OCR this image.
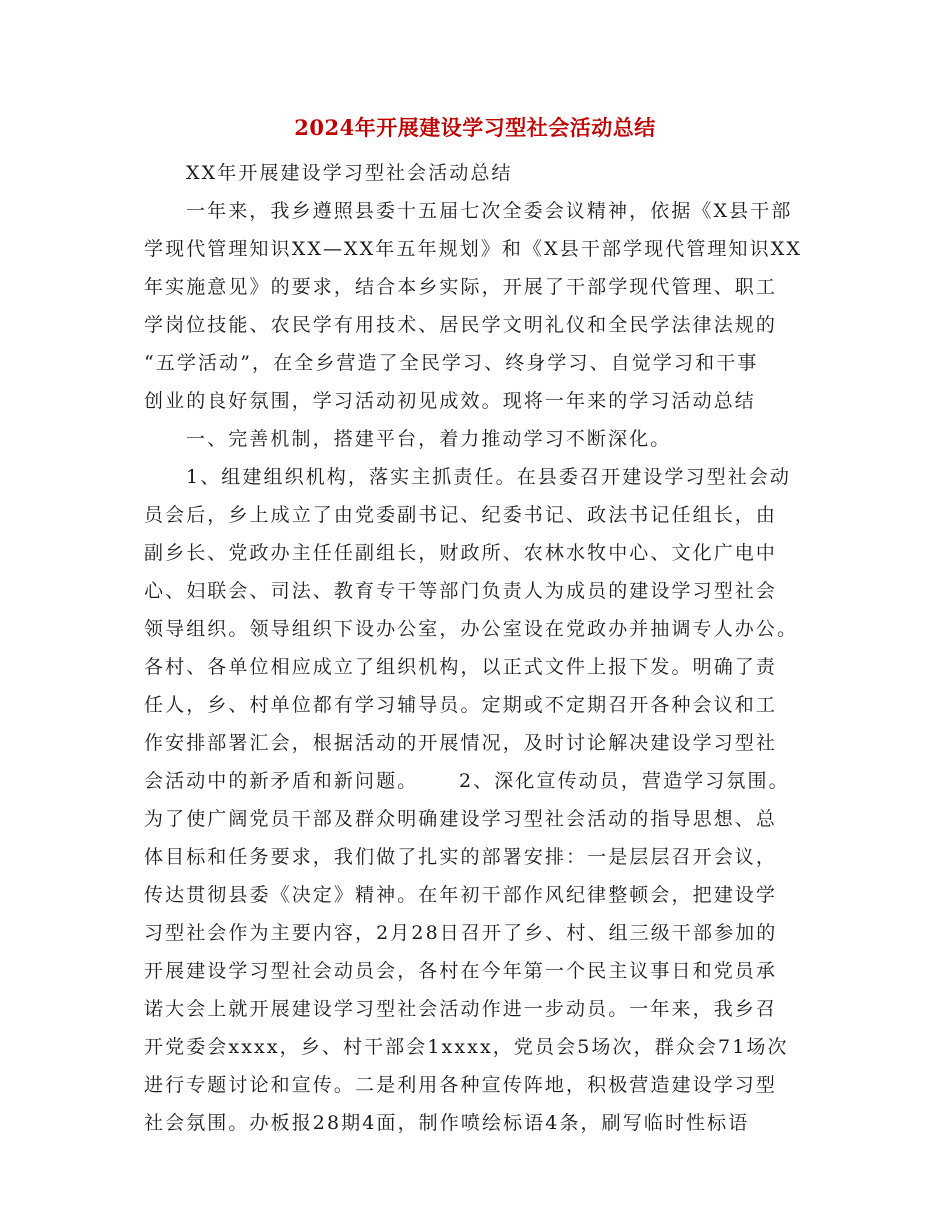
2024年开展建设学习型社会活动总结

XX年开展建设学习型社会活动总结

一年来，我乡遵照县委十五届七次全委会议精神，依据《X县干部

学现代管理知识XX—XX年五年规划》和《X县干部学现代管理知识XX

年实施意见》的要求，结合本乡实际，开展了干部学现代管理、职工

学岗位技能、农民学有用技术、居民学文明礼仪和全民学法律法规的

“五学活动”，在全乡营造了全民学习、终身学习、自觉学习和干事

创业的良好氛围，学习活动初见成效。现将一年来的学习活动总结

一、完善机制，搭建平台，着力推动学习不断深化。

1、组建组织机构，落实主抓责任。在县委召开建设学习型社会动

员会后，乡上成立了由党委副书记、纪委书记、政法书记任组长，由

副乡长、党政办主任任副组长，财政所、农林水牧中心、文化广电中

心、妇联会、司法、教育专干等部门负责人为成员的建设学习型社会

领导组织。领导组织下设办公室，办公室设在党政办并抽调专人办公。

各村、各单位相应成立了组织机构，以正式文件上报下发。明确了责

任人，乡、村单位都有学习辅导员。定期或不定期召开各种会议和工

作安排部署汇会，根据活动的开展情况，及时讨论解决建设学习型社

会活动中的新矛盾和新问题。     2、深化宣传动员，营造学习氛围。

为了使广阔党员干部及群众明确建设学习型社会活动的指导思想、总

体目标和任务要求，我们做了扎实的部署安排：一是层层召开会议，

传达贯彻县委《决定》精神。在年初干部作风纪律整顿会，把建设学

习型社会作为主要内容，2月28日召开了乡、村、组三级干部参加的

开展建设学习型社会动员会，各村在今年第一个民主议事日和党员承

诺大会上就开展建设学习型社会活动作进一步动员。一年来，我乡召

开党委会xxxx，乡、村干部会1xxxx，党员会5场次，群众会71场次

进行专题讨论和宣传。二是利用各种宣传阵地，积极营造建设学习型

社会氛围。办板报28期4面，制作喷绘标语4条，刷写临时性标语
